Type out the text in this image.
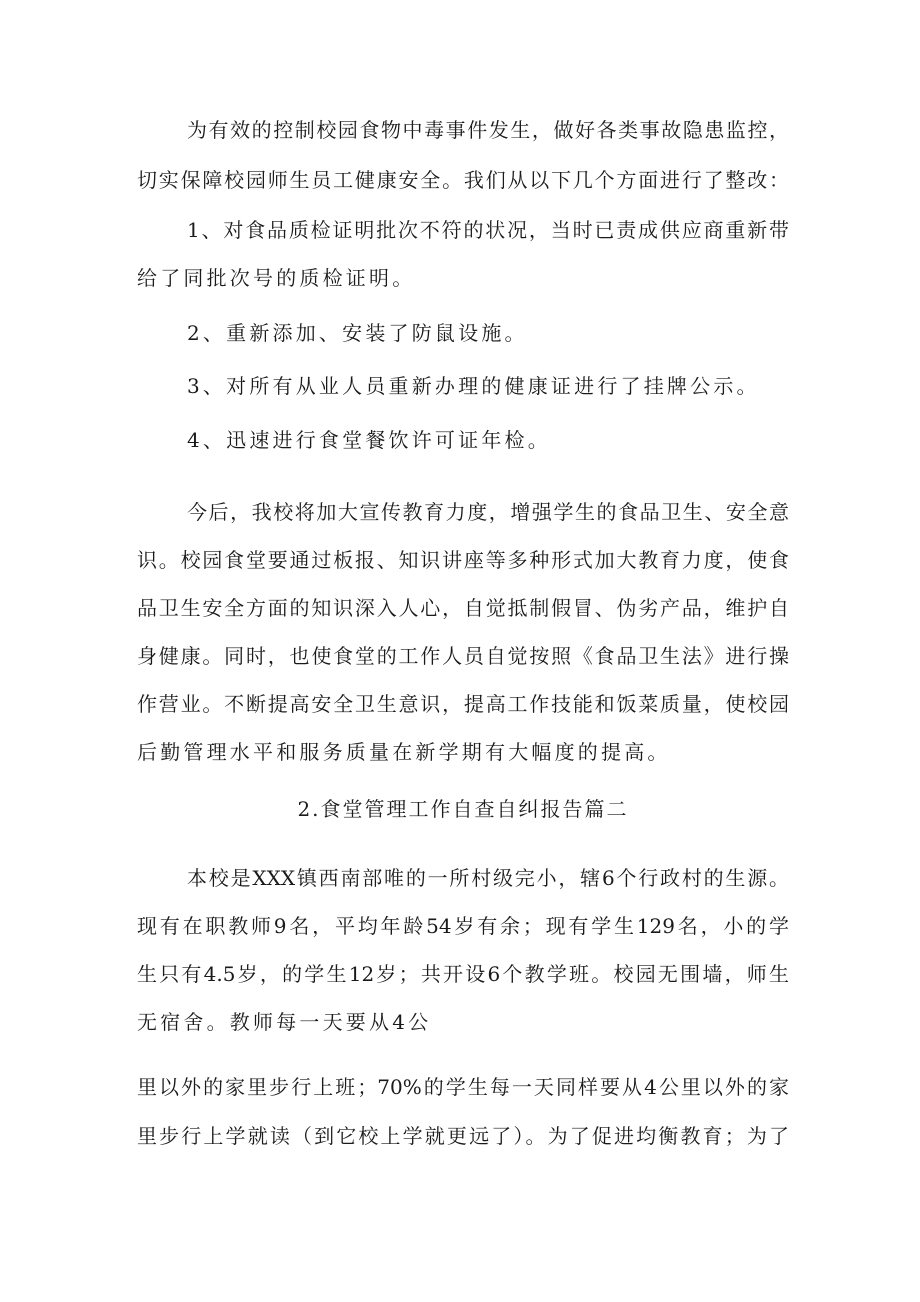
为有效的控制校园食物中毒事件发生，做好各类事故隐患监控，
切实保障校园师生员工健康安全。我们从以下几个方面进行了整改：
1、对食品质检证明批次不符的状况，当时已责成供应商重新带
给了同批次号的质检证明。
2、重新添加、安装了防鼠设施。
3、对所有从业人员重新办理的健康证进行了挂牌公示。
4、迅速进行食堂餐饮许可证年检。
今后，我校将加大宣传教育力度，增强学生的食品卫生、安全意
识。校园食堂要通过板报、知识讲座等多种形式加大教育力度，使食
品卫生安全方面的知识深入人心，自觉抵制假冒、伪劣产品，维护自
身健康。同时，也使食堂的工作人员自觉按照《食品卫生法》进行操
作营业。不断提高安全卫生意识，提高工作技能和饭菜质量，使校园
后勤管理水平和服务质量在新学期有大幅度的提高。
2.食堂管理工作自查自纠报告篇二
本校是XXX镇西南部唯的一所村级完小，辖6个行政村的生源。
现有在职教师9名，平均年龄54岁有余；现有学生129名，小的学
生只有4.5岁，的学生12岁；共开设6个教学班。校园无围墙，师生
无宿舍。教师每一天要从4公
里以外的家里步行上班；70%的学生每一天同样要从4公里以外的家
里步行上学就读（到它校上学就更远了）。为了促进均衡教育；为了
